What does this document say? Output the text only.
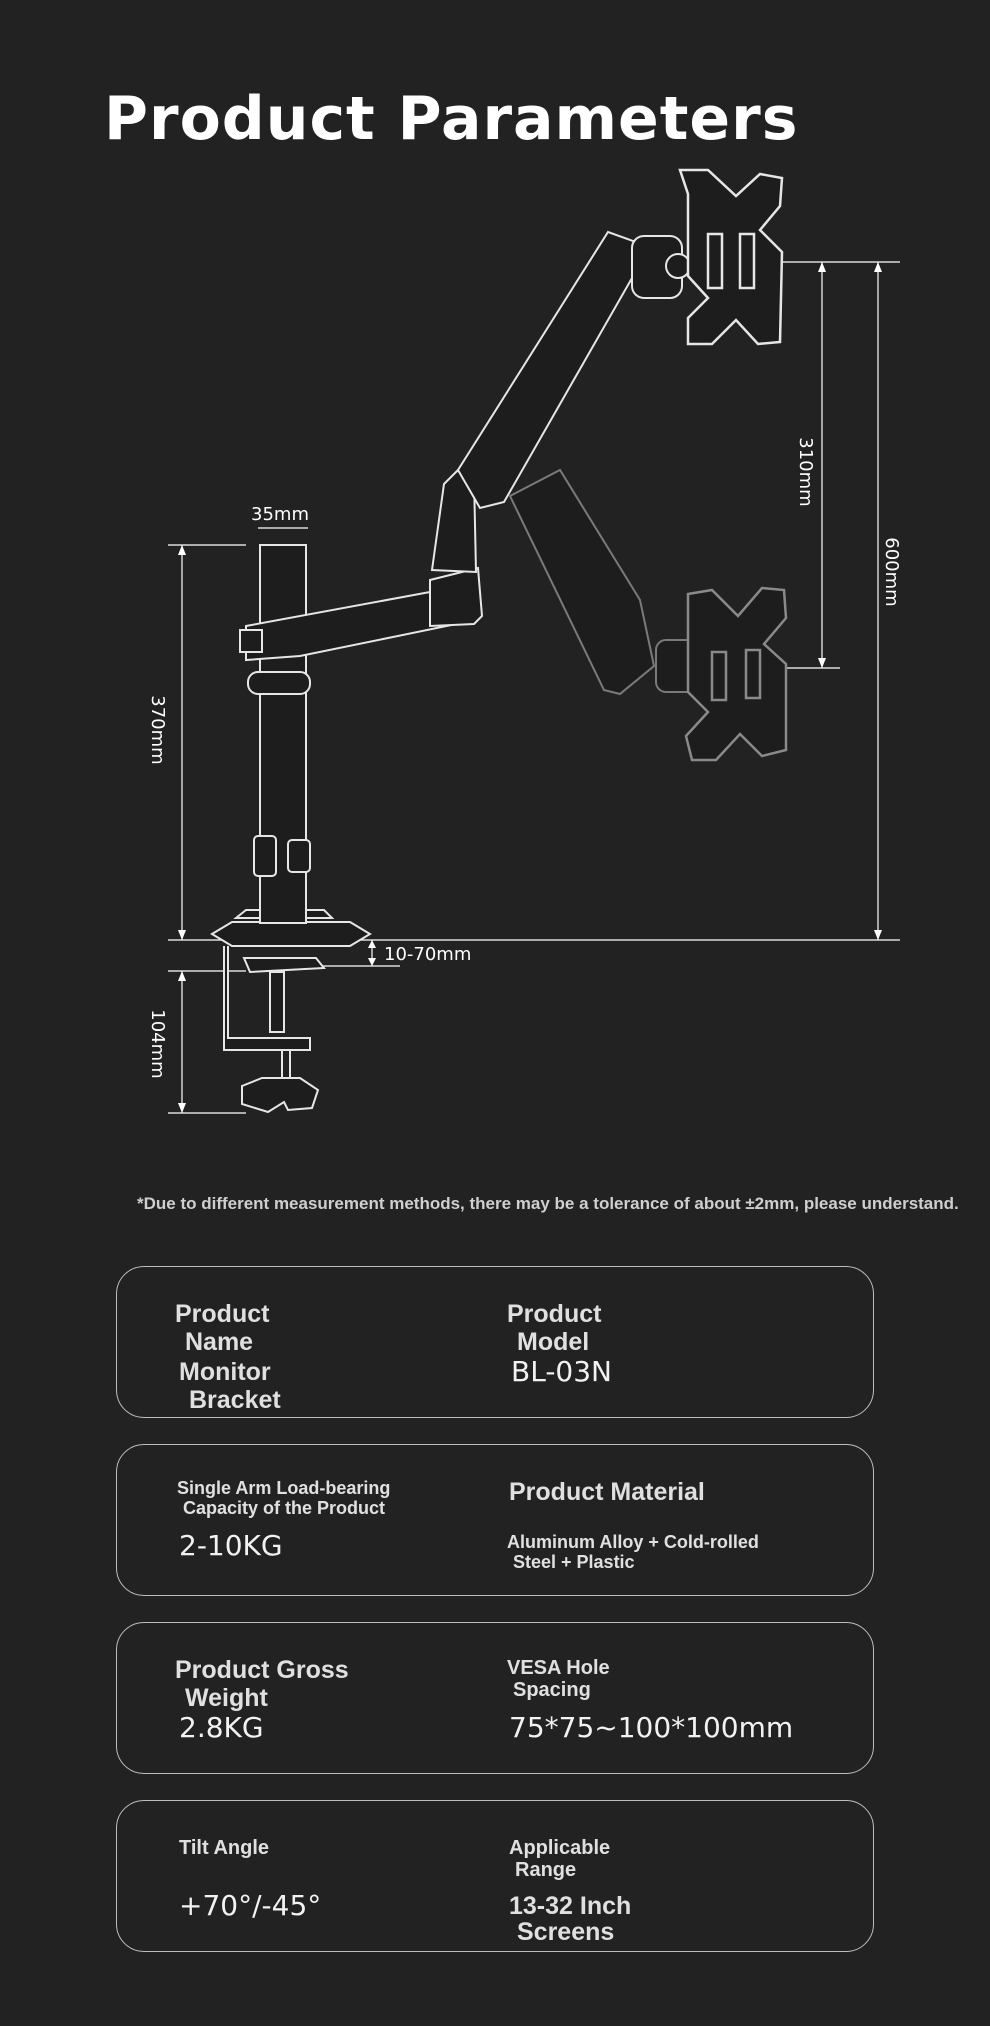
Product Parameters
35mm
370mm
104mm
10-70mm
310mm
600mm
*Due to different measurement methods, there may be a tolerance of about ±2mm, please understand.
Product
Name
Monitor
Bracket
Product
Model
BL-03N
Single Arm Load-bearing
Capacity of the Product
2-10KG
Product Material
Aluminum Alloy + Cold-rolled
Steel + Plastic
Product Gross
Weight
2.8KG
VESA Hole
Spacing
75*75~100*100mm
Tilt Angle
+70°/-45°
Applicable
Range
13-32 Inch
Screens
